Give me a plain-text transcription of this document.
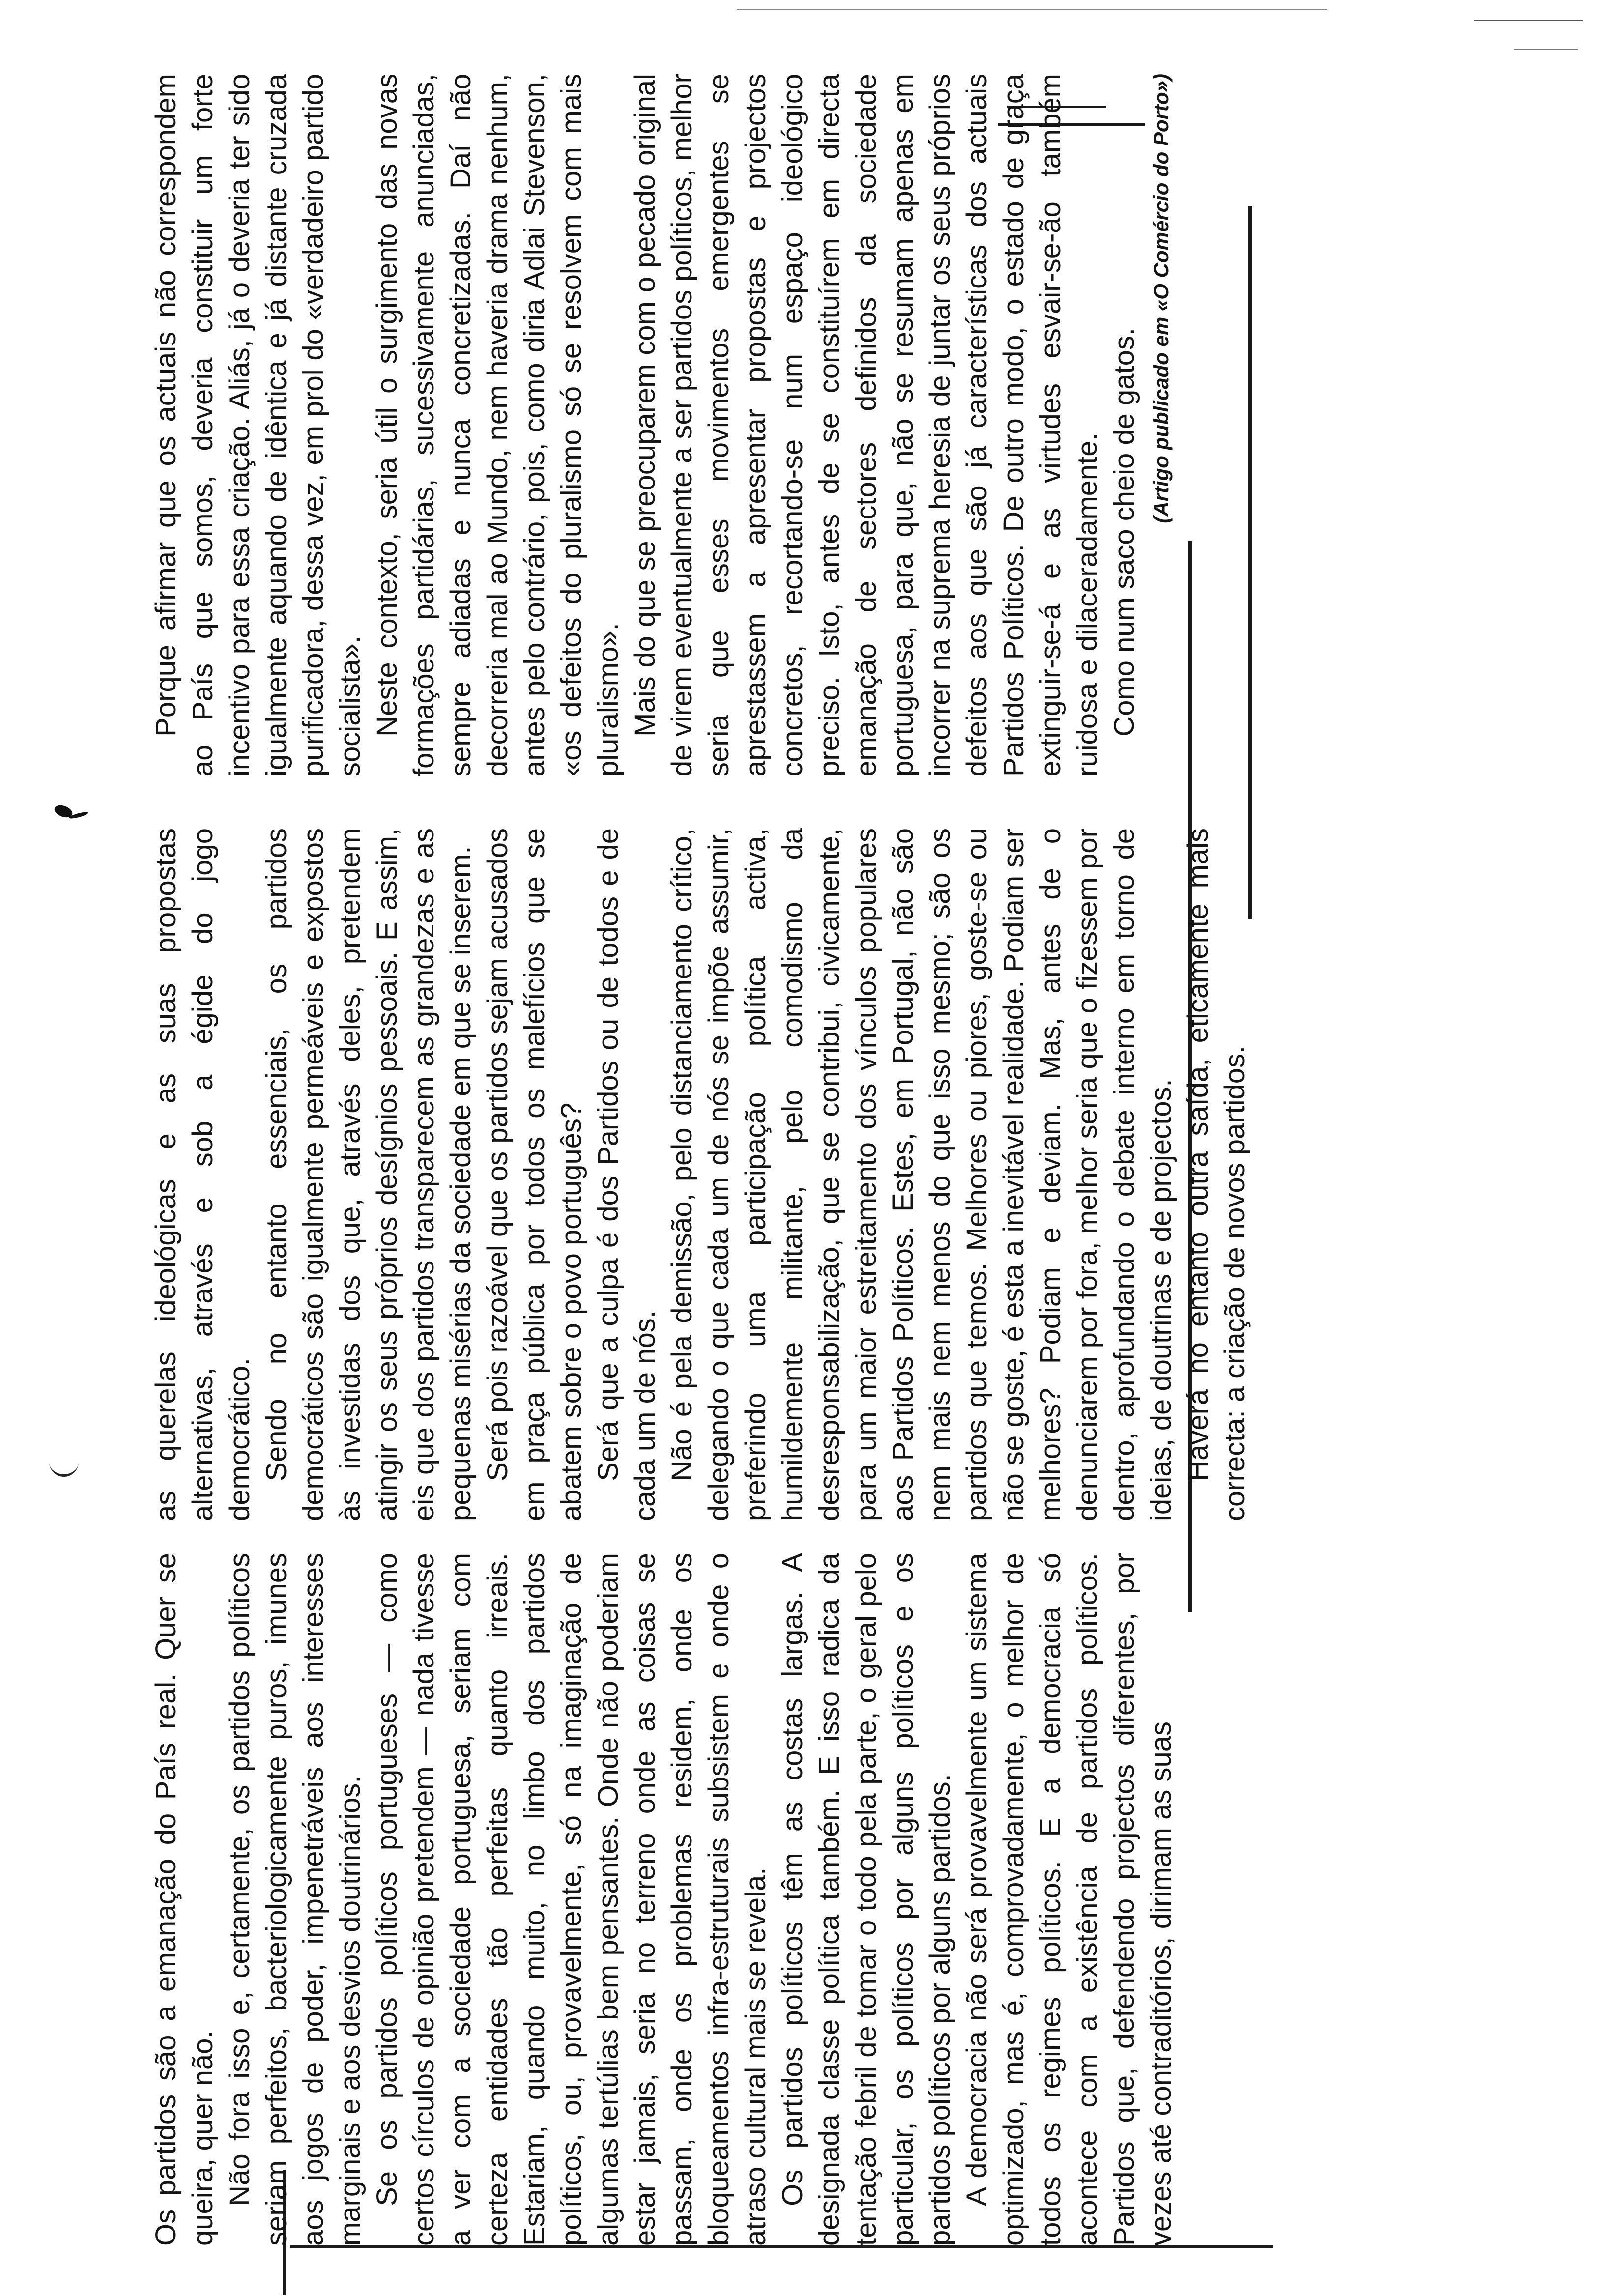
Os partidos são a emanação do País real. Quer se queira, quer não. Não fora isso e, certamente, os partidos políticos seriam perfeitos, bacteriologicamente puros, imunes aos jogos de poder, impenetráveis aos interesses marginais e aos desvios doutrinários. Se os partidos políticos portugueses — como certos círculos de opinião pretendem — nada tivesse a ver com a sociedade portuguesa, seriam com certeza entidades tão perfeitas quanto irreais. Estariam, quando muito, no limbo dos partidos políticos, ou, provavelmente, só na imaginação de algumas tertúlias bem pensantes. Onde não poderiam estar jamais, seria no terreno onde as coisas se passam, onde os problemas residem, onde os bloqueamentos infra-estruturais subsistem e onde o atraso cultural mais se revela. Os partidos políticos têm as costas largas. A designada classe política também. E isso radica da tentação febril de tomar o todo pela parte, o geral pelo particular, os políticos por alguns políticos e os partidos políticos por alguns partidos. A democracia não será provavelmente um sistema optimizado, mas é, comprovadamente, o melhor de todos os regimes políticos. E a democracia só acontece com a existência de partidos políticos. Partidos que, defendendo projectos diferentes, por vezes até contraditórios, dirimam as suas

as querelas ideológicas e as suas propostas alternativas, através e sob a égide do jogo democrático. Sendo no entanto essenciais, os partidos democráticos são igualmente permeáveis e expostos às investidas dos que, através deles, pretendem atingir os seus próprios desígnios pessoais. E assim, eis que dos partidos transparecem as grandezas e as pequenas misérias da sociedade em que se inserem. Será pois razoável que os partidos sejam acusados em praça pública por todos os malefícios que se abatem sobre o povo português? Será que a culpa é dos Partidos ou de todos e de cada um de nós. Não é pela demissão, pelo distanciamento crítico, delegando o que cada um de nós se impõe assumir, preferindo uma participação política activa, humildemente militante, pelo comodismo da desresponsabilização, que se contribui, civicamente, para um maior estreitamento dos vínculos populares aos Partidos Políticos. Estes, em Portugal, não são nem mais nem menos do que isso mesmo; são os partidos que temos. Melhores ou piores, goste-se ou não se goste, é esta a inevitável realidade. Podiam ser melhores? Podiam e deviam. Mas, antes de o denunciarem por fora, melhor seria que o fizessem por dentro, aprofundando o debate interno em torno de ideias, de doutrinas e de projectos. Haverá no entanto outra saída, eticamente mais correcta: a criação de novos partidos.

Porque afirmar que os actuais não correspondem ao País que somos, deveria constituir um forte incentivo para essa criação. Aliás, já o deveria ter sido igualmente aquando de idêntica e já distante cruzada purificadora, dessa vez, em prol do «verdadeiro partido socialista». Neste contexto, seria útil o surgimento das novas formações partidárias, sucessivamente anunciadas, sempre adiadas e nunca concretizadas. Daí não decorreria mal ao Mundo, nem haveria drama nenhum, antes pelo contrário, pois, como diria Adlai Stevenson, «os defeitos do pluralismo só se resolvem com mais pluralismo». Mais do que se preocuparem com o pecado original de virem eventualmente a ser partidos políticos, melhor seria que esses movimentos emergentes se aprestassem a apresentar propostas e projectos concretos, recortando-se num espaço ideológico preciso. Isto, antes de se constituírem em directa emanação de sectores definidos da sociedade portuguesa, para que, não se resumam apenas em incorrer na suprema heresia de juntar os seus próprios defeitos aos que são já características dos actuais Partidos Políticos. De outro modo, o estado de graça extinguir-se-á e as virtudes esvair-se-ão também ruidosa e dilaceradamente. Como num saco cheio de gatos.

(Artigo publicado em «O Comércio do Porto»)
